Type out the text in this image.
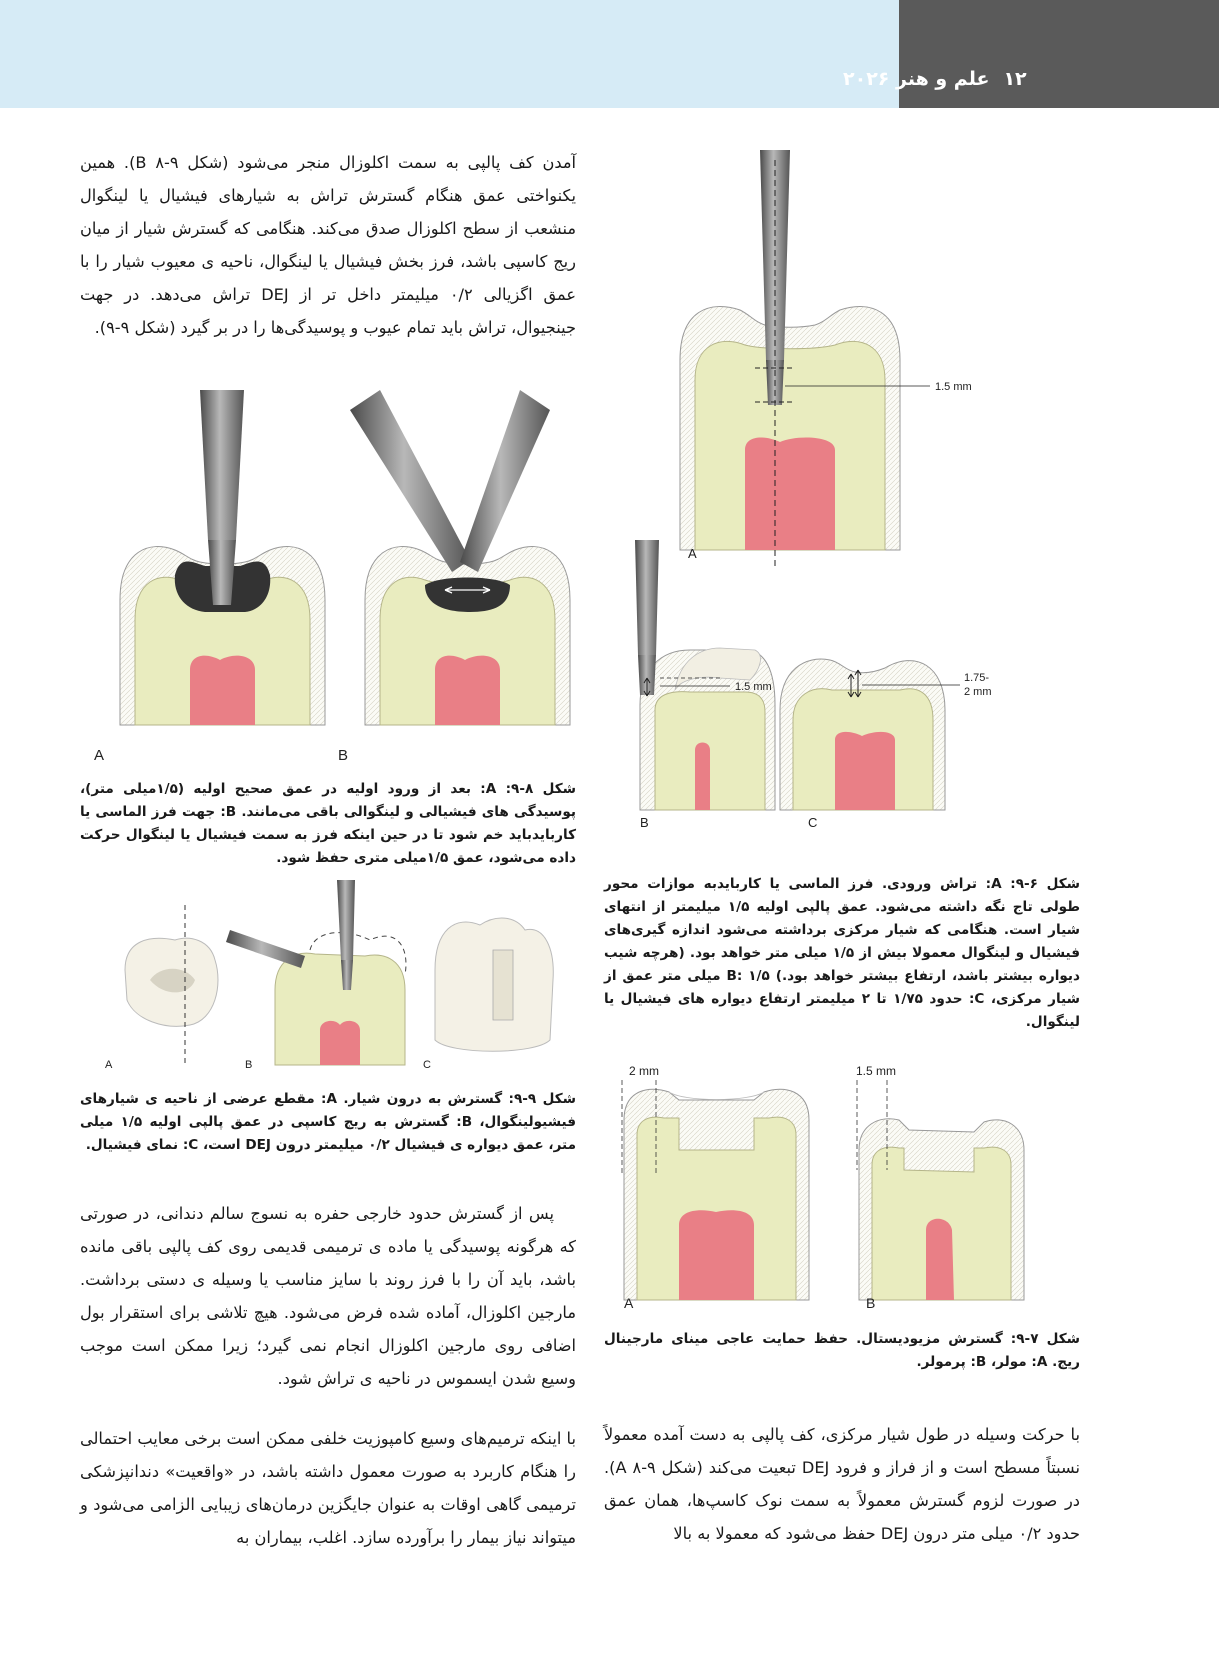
۱۲علم و هنر ۲۰۲۶
آمدن کف پالپی به سمت اکلوزال منجر می‌شود (شکل B ۸-۹). همین یکنواختی عمق هنگام گسترش تراش به شیارهای فیشیال یا لینگوال منشعب از سطح اکلوزال صدق می‌کند. هنگامی که گسترش شیار از میان ریج کاسپی باشد، فرز بخش فیشیال یا لینگوال، ناحیه ی معیوب شیار را با عمق اگزیالی ۰/۲ میلیمتر داخل تر از DEJ تراش می‌دهد. در جهت جینجیوال، تراش باید تمام عیوب و پوسیدگی‌ها را در بر گیرد (شکل ۹-۹).
A	B
شکل ۸-۹: A: بعد از ورود اولیه در عمق صحیح اولیه (۱/۵میلی متر)، پوسیدگی های فیشیالی و لینگوالی باقی می‌مانند. B: جهت فرز الماسی یا کاربایدباید خم شود تا در حین اینکه فرز به سمت فیشیال یا لینگوال حرکت داده می‌شود، عمق ۱/۵میلی متری حفظ شود.
A	B	C
شکل ۹-۹: گسترش به درون شیار. A: مقطع عرضی از ناحیه ی شیارهای فیشیولینگوال، B: گسترش به ریج کاسپی در عمق پالپی اولیه ۱/۵ میلی متر، عمق دیواره ی فیشیال ۰/۲ میلیمتر درون DEJ است، C: نمای فیشیال.
پس از گسترش حدود خارجی حفره به نسوج سالم دندانی، در صورتی که هرگونه پوسیدگی یا ماده ی ترمیمی قدیمی روی کف پالپی باقی مانده باشد، باید آن را با فرز روند با سایز مناسب یا وسیله ی دستی برداشت. مارجین اکلوزال، آماده شده فرض می‌شود. هیچ تلاشی برای استقرار بول اضافی روی مارجین اکلوزال انجام نمی گیرد؛ زیرا ممکن است موجب وسیع شدن ایسموس در ناحیه ی تراش شود.
با اینکه ترمیم‌های وسیع کامپوزیت خلفی ممکن است برخی معایب احتمالی را هنگام کاربرد به صورت معمول داشته باشد، در «واقعیت» دندانپزشکی ترمیمی گاهی اوقات به عنوان جایگزین درمان‌های زیبایی الزامی می‌شود و میتواند نیاز بیمار را برآورده سازد. اغلب، بیماران به
1.5 mm
A
1.5 mm
B
1.75-
2 mm
C
شکل ۶-۹: A: تراش ورودی. فرز الماسی یا کاربایدبه موازات محور طولی تاج نگه داشته می‌شود. عمق پالپی اولیه ۱/۵ میلیمتر از انتهای شیار است. هنگامی که شیار مرکزی برداشته می‌شود اندازه گیری‌های فیشیال و لینگوال معمولا بیش از ۱/۵ میلی متر خواهد بود. (هرچه شیب دیواره بیشتر باشد، ارتفاع بیشتر خواهد بود.) B: ۱/۵ میلی متر عمق از شیار مرکزی، C: حدود ۱/۷۵ تا ۲ میلیمتر ارتفاع دیواره های فیشیال یا لینگوال.
2 mm
A
1.5 mm
B
شکل ۷-۹: گسترش مزیودیستال. حفظ حمایت عاجی مینای مارجینال ریج. A: مولر، B: پرمولر.
با حرکت وسیله در طول شیار مرکزی، کف پالپی به دست آمده معمولاً نسبتاً مسطح است و از فراز و فرود DEJ تبعیت می‌کند (شکل A ۸-۹). در صورت لزوم گسترش معمولاً به سمت نوک کاسپ‌ها، همان عمق حدود ۰/۲ میلی متر درون DEJ حفظ می‌شود که معمولا به بالا
